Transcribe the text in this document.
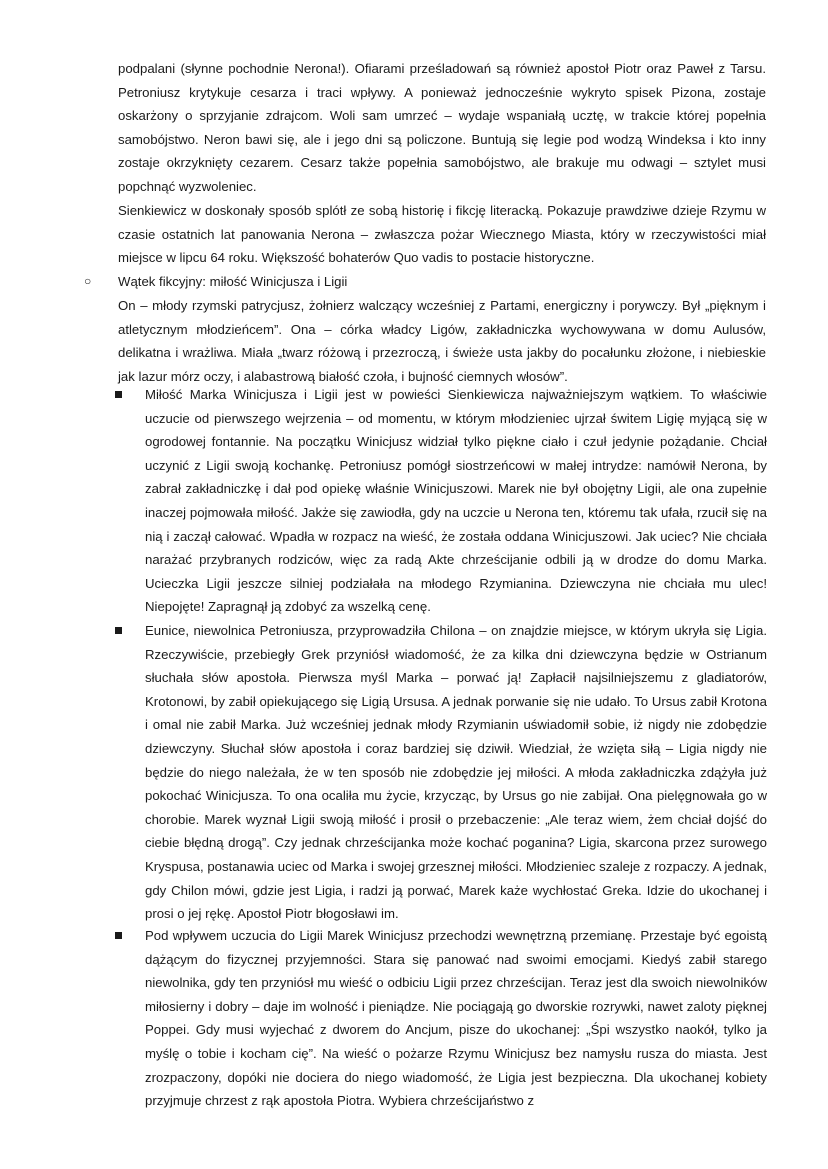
podpalani (słynne pochodnie Nerona!). Ofiarami prześladowań są również apostoł Piotr oraz Paweł z Tarsu. Petroniusz krytykuje cesarza i traci wpływy. A ponieważ jednocześnie wykryto spisek Pizona, zostaje oskarżony o sprzyjanie zdrajcom. Woli sam umrzeć – wydaje wspaniałą ucztę, w trakcie której popełnia samobójstwo. Neron bawi się, ale i jego dni są policzone. Buntują się legie pod wodzą Windeksa i kto inny zostaje okrzyknięty cezarem. Cesarz także popełnia samobójstwo, ale brakuje mu odwagi – sztylet musi popchnąć wyzwoleniec.

Sienkiewicz w doskonały sposób splótł ze sobą historię i fikcję literacką. Pokazuje prawdziwe dzieje Rzymu w czasie ostatnich lat panowania Nerona – zwłaszcza pożar Wiecznego Miasta, który w rzeczywistości miał miejsce w lipcu 64 roku. Większość bohaterów Quo vadis to postacie historyczne.

○ Wątek fikcyjny: miłość Winicjusza i Ligii

On – młody rzymski patrycjusz, żołnierz walczący wcześniej z Partami, energiczny i porywczy. Był „pięknym i atletycznym młodzieńcem”. Ona – córka władcy Ligów, zakładniczka wychowywana w domu Aulusów, delikatna i wrażliwa. Miała „twarz różową i przezroczą, i świeże usta jakby do pocałunku złożone, i niebieskie jak lazur mórz oczy, i alabastrową białość czoła, i bujność ciemnych włosów”.

Miłość Marka Winicjusza i Ligii jest w powieści Sienkiewicza najważniejszym wątkiem. To właściwie uczucie od pierwszego wejrzenia – od momentu, w którym młodzieniec ujrzał świtem Ligię myjącą się w ogrodowej fontannie. Na początku Winicjusz widział tylko piękne ciało i czuł jedynie pożądanie. Chciał uczynić z Ligii swoją kochankę. Petroniusz pomógł siostrzeńcowi w małej intrydze: namówił Nerona, by zabrał zakładniczkę i dał pod opiekę właśnie Winicjuszowi. Marek nie był obojętny Ligii, ale ona zupełnie inaczej pojmowała miłość. Jakże się zawiodła, gdy na uczcie u Nerona ten, któremu tak ufała, rzucił się na nią i zaczął całować. Wpadła w rozpacz na wieść, że została oddana Winicjuszowi. Jak uciec? Nie chciała narażać przybranych rodziców, więc za radą Akte chrześcijanie odbili ją w drodze do domu Marka. Ucieczka Ligii jeszcze silniej podziałała na młodego Rzymianina. Dziewczyna nie chciała mu ulec! Niepojęte! Zapragnął ją zdobyć za wszelką cenę.

Eunice, niewolnica Petroniusza, przyprowadziła Chilona – on znajdzie miejsce, w którym ukryła się Ligia. Rzeczywiście, przebiegły Grek przyniósł wiadomość, że za kilka dni dziewczyna będzie w Ostrianum słuchała słów apostoła. Pierwsza myśl Marka – porwać ją! Zapłacił najsilniejszemu z gladiatorów, Krotonowi, by zabił opiekującego się Ligią Ursusa. A jednak porwanie się nie udało. To Ursus zabił Krotona i omal nie zabił Marka. Już wcześniej jednak młody Rzymianin uświadomił sobie, iż nigdy nie zdobędzie dziewczyny. Słuchał słów apostoła i coraz bardziej się dziwił. Wiedział, że wzięta siłą – Ligia nigdy nie będzie do niego należała, że w ten sposób nie zdobędzie jej miłości. A młoda zakładniczka zdążyła już pokochać Winicjusza. To ona ocaliła mu życie, krzycząc, by Ursus go nie zabijał. Ona pielęgnowała go w chorobie. Marek wyznał Ligii swoją miłość i prosił o przebaczenie: „Ale teraz wiem, żem chciał dojść do ciebie błędną drogą”. Czy jednak chrześcijanka może kochać poganina? Ligia, skarcona przez surowego Kryspusa, postanawia uciec od Marka i swojej grzesznej miłości. Młodzieniec szaleje z rozpaczy. A jednak, gdy Chilon mówi, gdzie jest Ligia, i radzi ją porwać, Marek każe wychłostać Greka. Idzie do ukochanej i prosi o jej rękę. Apostoł Piotr błogosławi im.

Pod wpływem uczucia do Ligii Marek Winicjusz przechodzi wewnętrzną przemianę. Przestaje być egoistą dążącym do fizycznej przyjemności. Stara się panować nad swoimi emocjami. Kiedyś zabił starego niewolnika, gdy ten przyniósł mu wieść o odbiciu Ligii przez chrześcijan. Teraz jest dla swoich niewolników miłosierny i dobry – daje im wolność i pieniądze. Nie pociągają go dworskie rozrywki, nawet zaloty pięknej Poppei. Gdy musi wyjechać z dworem do Ancjum, pisze do ukochanej: „Śpi wszystko naokół, tylko ja myślę o tobie i kocham cię”. Na wieść o pożarze Rzymu Winicjusz bez namysłu rusza do miasta. Jest zrozpaczony, dopóki nie dociera do niego wiadomość, że Ligia jest bezpieczna. Dla ukochanej kobiety przyjmuje chrzest z rąk apostoła Piotra. Wybiera chrześcijaństwo z
